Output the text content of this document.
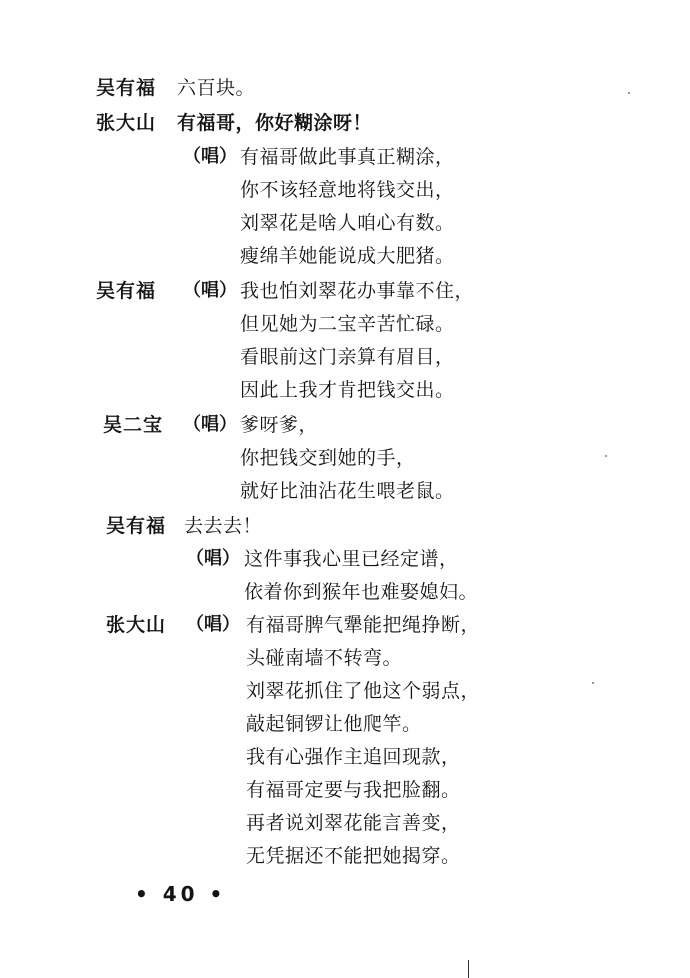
吴有福 六百块。
张大山 有福哥，你好糊涂呀！
（唱） 有福哥做此事真正糊涂，
你不该轻意地将钱交出，
刘翠花是啥人咱心有数。
瘦绵羊她能说成大肥猪。
吴有福 （唱） 我也怕刘翠花办事靠不住，
但见她为二宝辛苦忙碌。
看眼前这门亲算有眉目，
因此上我才肯把钱交出。
吴二宝 （唱） 爹呀爹，
你把钱交到她的手，
就好比油沾花生喂老鼠。
吴有福 去去去！
（唱） 这件事我心里已经定谱，
依着你到猴年也难娶媳妇。
张大山 （唱） 有福哥脾气犟能把绳挣断，
头碰南墙不转弯。
刘翠花抓住了他这个弱点，
敲起铜锣让他爬竿。
我有心强作主追回现款，
有福哥定要与我把脸翻。
再者说刘翠花能言善变，
无凭据还不能把她揭穿。
• 40 •
